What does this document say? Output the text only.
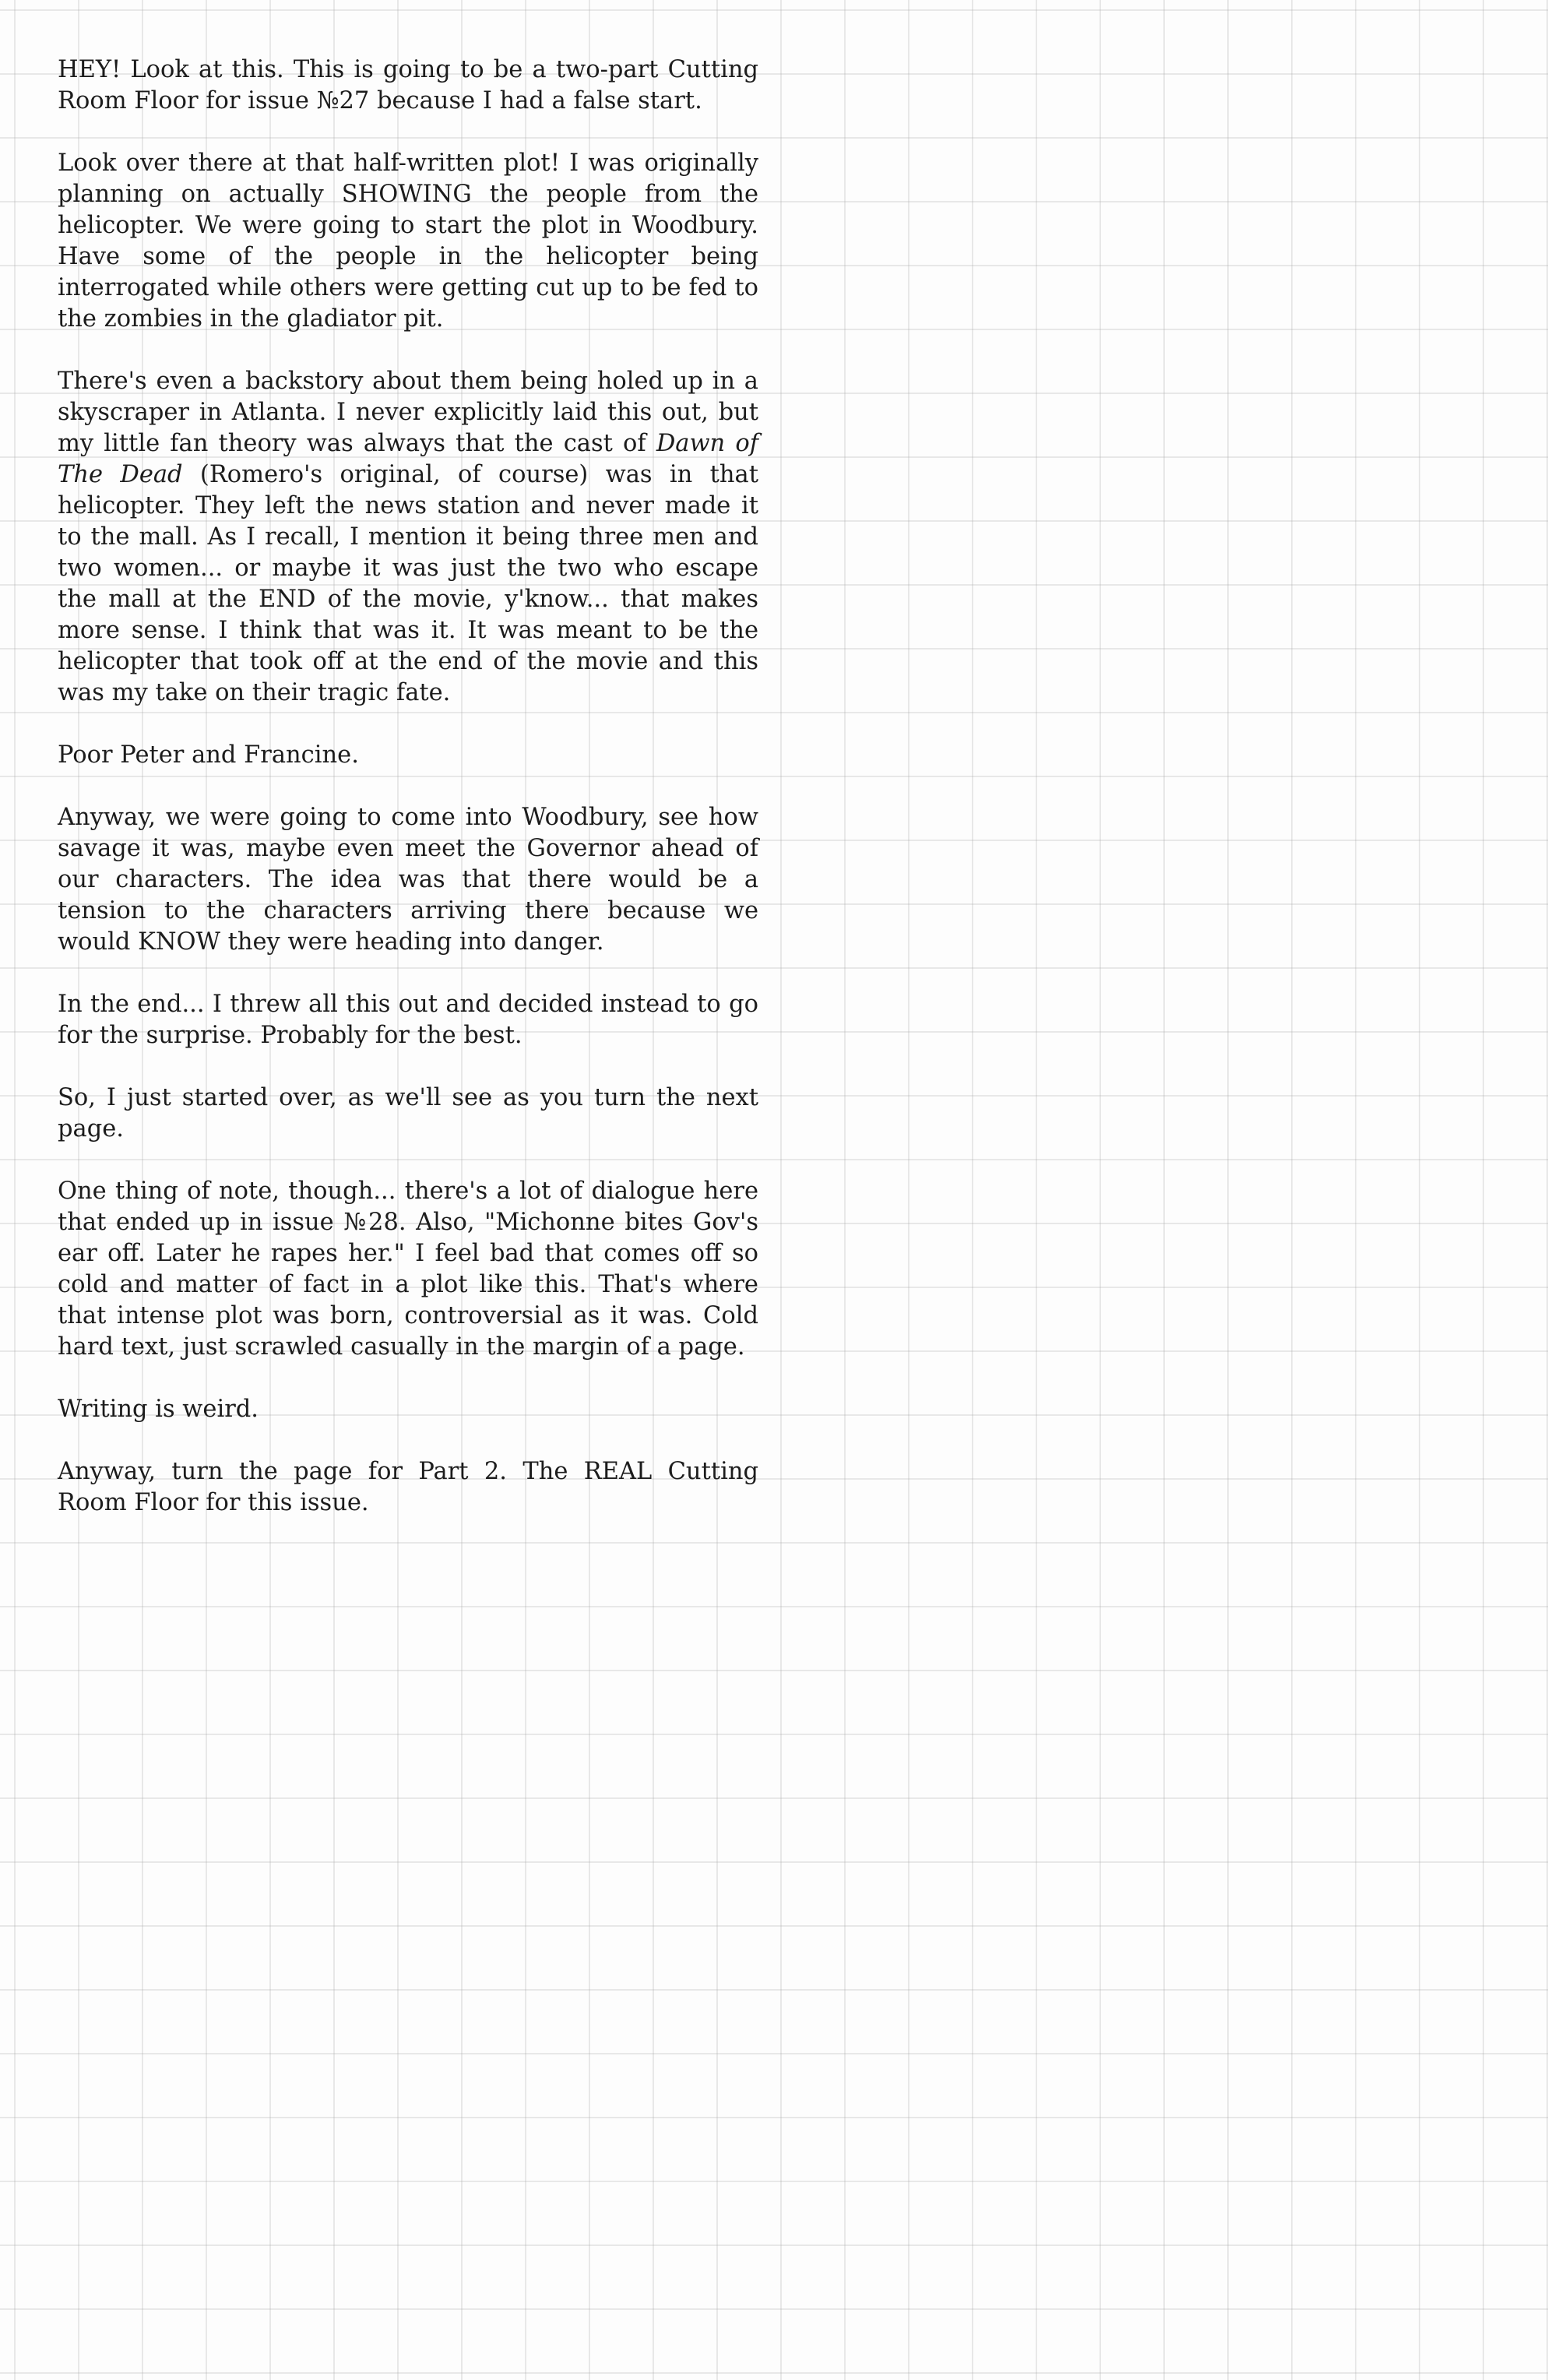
HEY! Look at this. This is going to be a two-part Cutting Room Floor for issue №27 because I had a false start.

Look over there at that half-written plot! I was originally planning on actually SHOWING the people from the helicopter. We were going to start the plot in Woodbury. Have some of the people in the helicopter being interrogated while others were getting cut up to be fed to the zombies in the gladiator pit.

There's even a backstory about them being holed up in a skyscraper in Atlanta. I never explicitly laid this out, but my little fan theory was always that the cast of Dawn of The Dead (Romero's original, of course) was in that helicopter. They left the news station and never made it to the mall. As I recall, I mention it being three men and two women... or maybe it was just the two who escape the mall at the END of the movie, y'know... that makes more sense. I think that was it. It was meant to be the helicopter that took off at the end of the movie and this was my take on their tragic fate.

Poor Peter and Francine.

Anyway, we were going to come into Woodbury, see how savage it was, maybe even meet the Governor ahead of our characters. The idea was that there would be a tension to the characters arriving there because we would KNOW they were heading into danger.

In the end... I threw all this out and decided instead to go for the surprise. Probably for the best.

So, I just started over, as we'll see as you turn the next page.

One thing of note, though... there's a lot of dialogue here that ended up in issue №28. Also, "Michonne bites Gov's ear off. Later he rapes her." I feel bad that comes off so cold and matter of fact in a plot like this. That's where that intense plot was born, controversial as it was. Cold hard text, just scrawled casually in the margin of a page.

Writing is weird.

Anyway, turn the page for Part 2. The REAL Cutting Room Floor for this issue.
